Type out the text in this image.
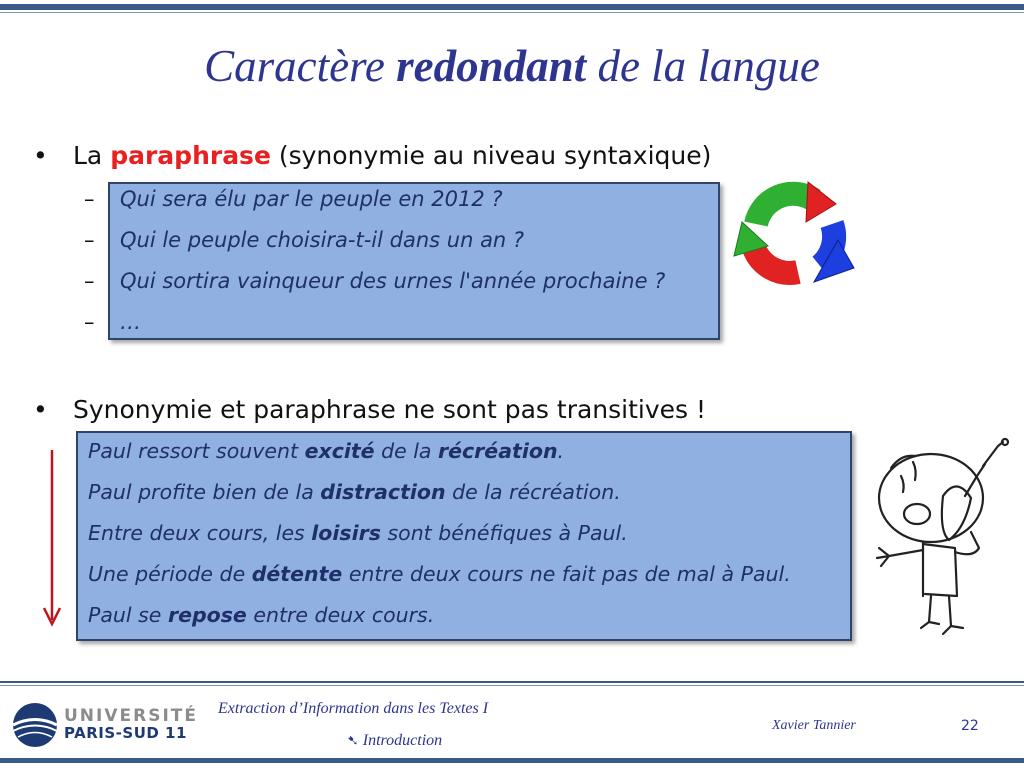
Caractère redondant de la langue
• La paraphrase (synonymie au niveau syntaxique)
–
–
–
–
Qui sera élu par le peuple en 2012 ?
Qui le peuple choisira-t-il dans un an ?
Qui sortira vainqueur des urnes l'année prochaine ?
…
• Synonymie et paraphrase ne sont pas transitives !
Paul ressort souvent excité de la récréation.
Paul profite bien de la distraction de la récréation.
Entre deux cours, les loisirs sont bénéfiques à Paul.
Une période de détente entre deux cours ne fait pas de mal à Paul.
Paul se repose entre deux cours.
UNIVERSITÉ
PARIS-SUD 11
Extraction d’Information dans les Textes I
➷ Introduction
Xavier Tannier	22
